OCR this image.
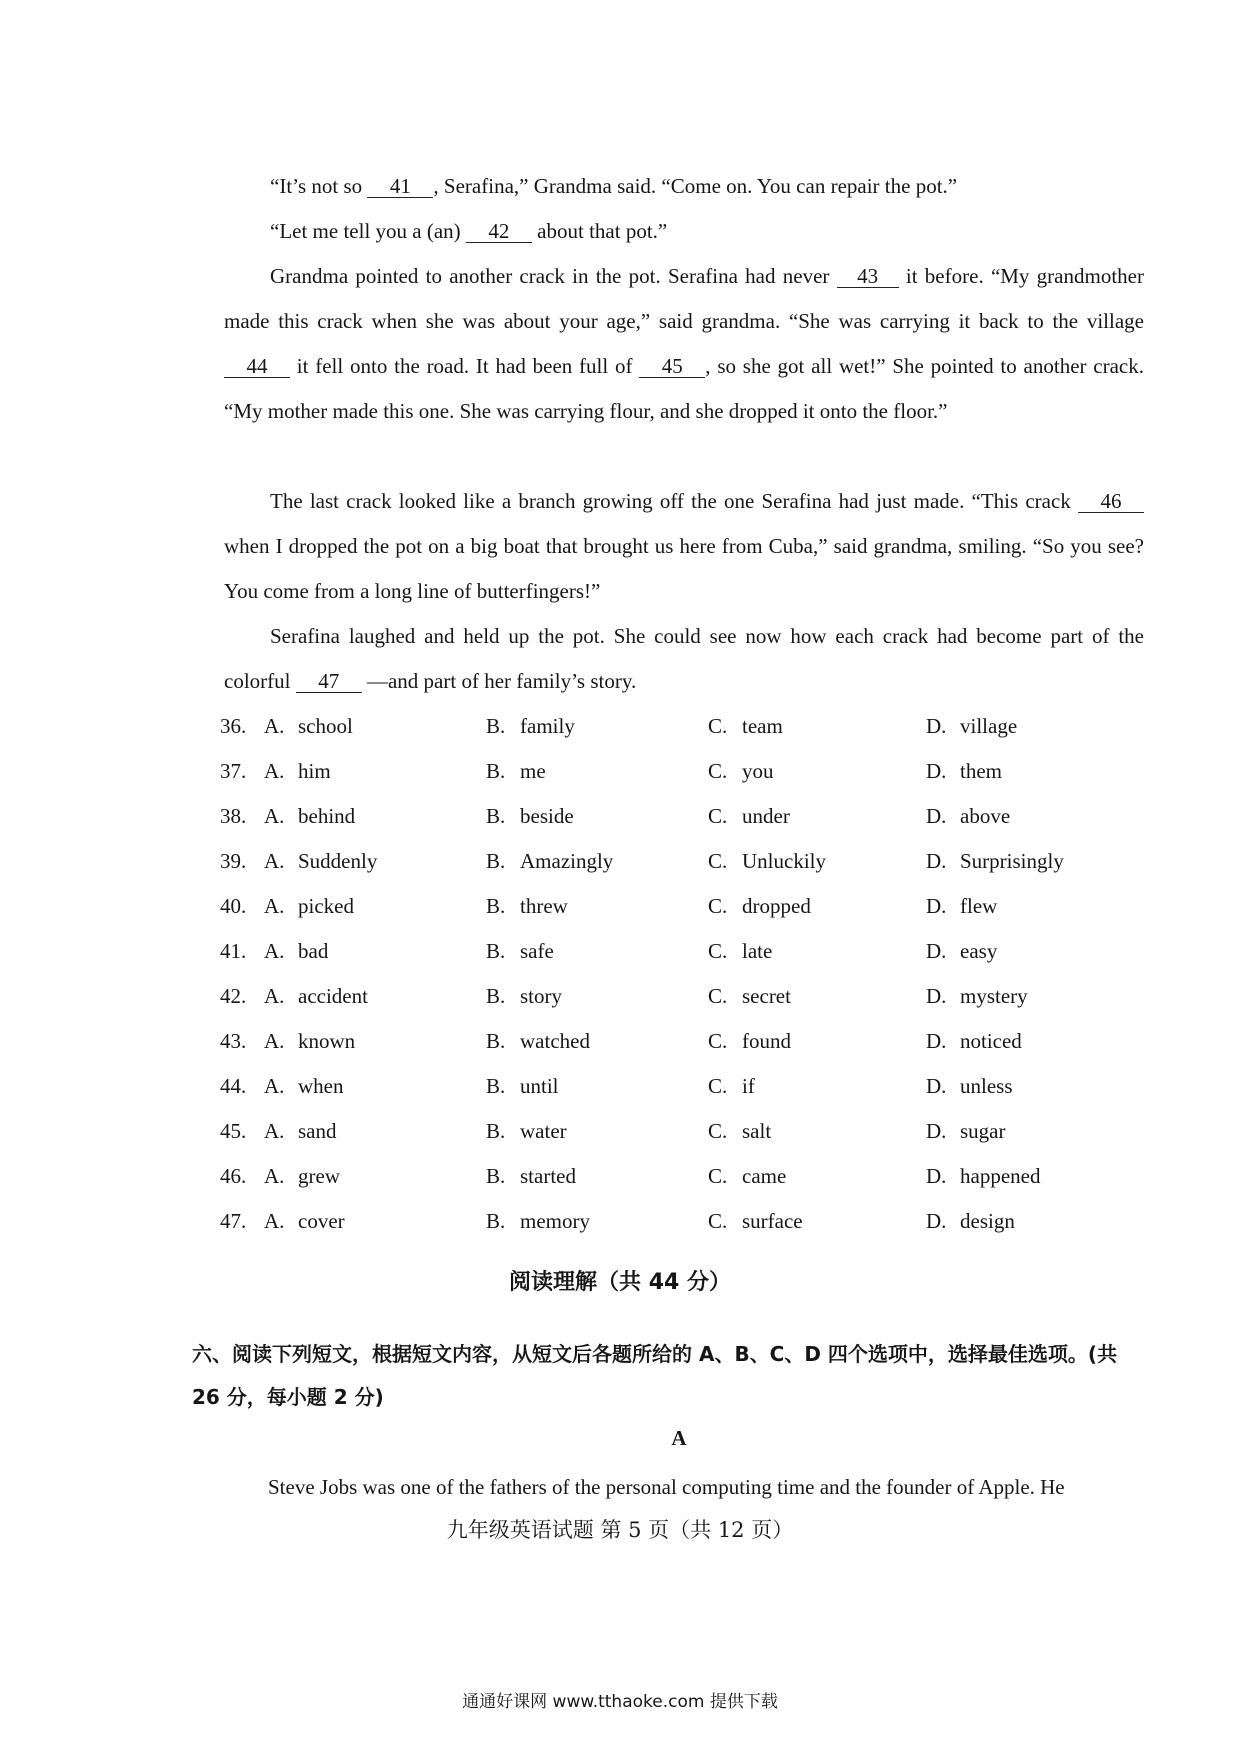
“It’s not so 41 , Serafina,” Grandma said. “Come on. You can repair the pot.”

“Let me tell you a (an) 42 about that pot.”

Grandma pointed to another crack in the pot. Serafina had never 43 it before. “My grandmother made this crack when she was about your age,” said grandma. “She was carrying it back to the village 44 it fell onto the road. It had been full of 45 , so she got all wet!” She pointed to another crack. “My mother made this one. She was carrying flour, and she dropped it onto the floor.”

The last crack looked like a branch growing off the one Serafina had just made. “This crack 46 when I dropped the pot on a big boat that brought us here from Cuba,” said grandma, smiling. “So you see? You come from a long line of butterfingers!”

Serafina laughed and held up the pot. She could see now how each crack had become part of the colorful 47 —and part of her family’s story.

36. A. school	B. family	C. team	D. village
37. A. him	B. me	C. you	D. them
38. A. behind	B. beside	C. under	D. above
39. A. Suddenly	B. Amazingly	C. Unluckily	D. Surprisingly
40. A. picked	B. threw	C. dropped	D. flew
41. A. bad	B. safe	C. late	D. easy
42. A. accident	B. story	C. secret	D. mystery
43. A. known	B. watched	C. found	D. noticed
44. A. when	B. until	C. if	D. unless
45. A. sand	B. water	C. salt	D. sugar
46. A. grew	B. started	C. came	D. happened
47. A. cover	B. memory	C. surface	D. design
阅读理解（共 44 分）
六、阅读下列短文，根据短文内容，从短文后各题所给的 A、B、C、D 四个选项中，选择最佳选项。(共 26 分，每小题 2 分)
A
Steve Jobs was one of the fathers of the personal computing time and the founder of Apple. He
九年级英语试题 第 5 页（共 12 页）
通通好课网 www.tthaoke.com 提供下载
